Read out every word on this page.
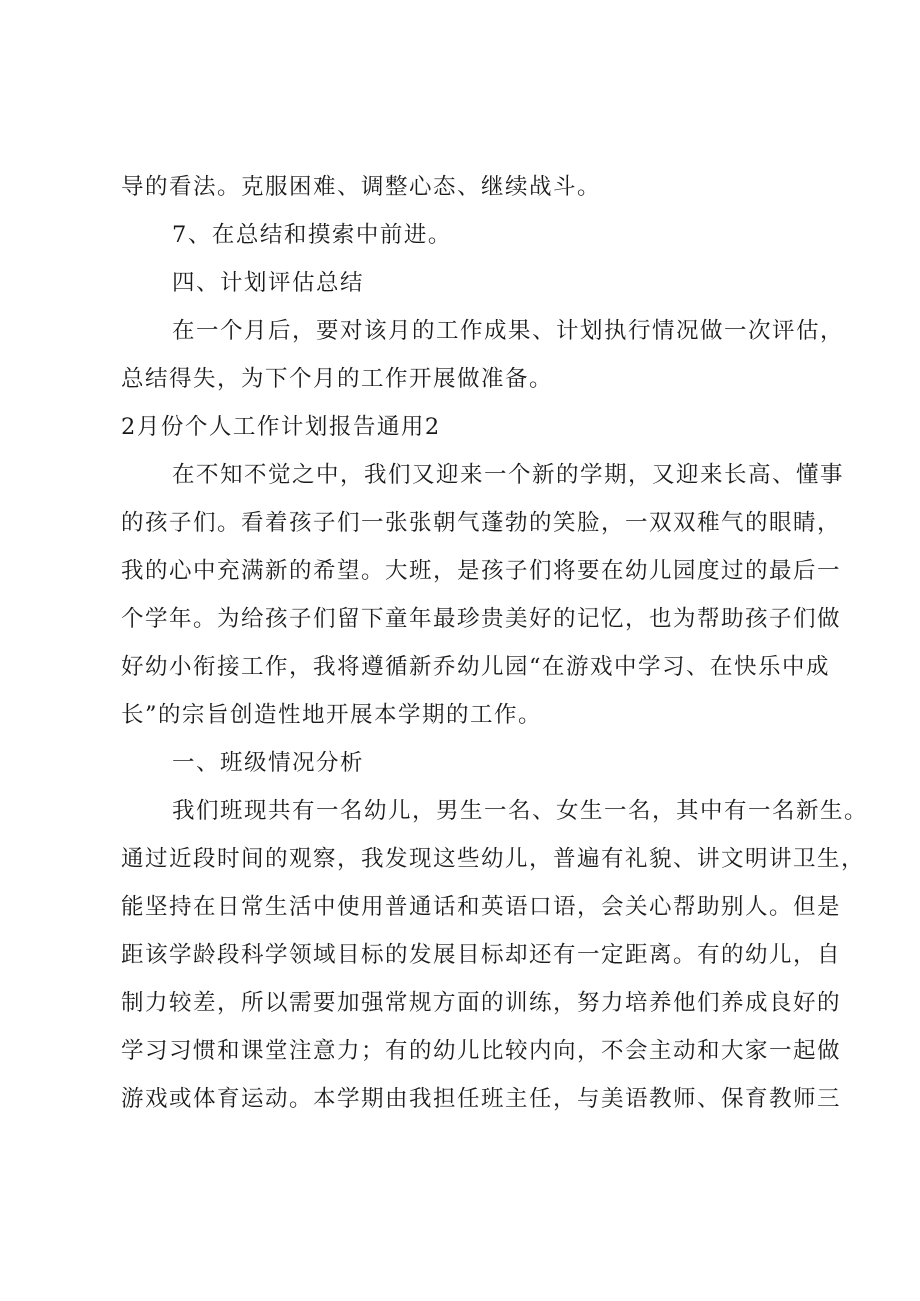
导的看法。克服困难、调整心态、继续战斗。
7、在总结和摸索中前进。
四、计划评估总结
在一个月后，要对该月的工作成果、计划执行情况做一次评估，
总结得失，为下个月的工作开展做准备。
2月份个人工作计划报告通用2
在不知不觉之中，我们又迎来一个新的学期，又迎来长高、懂事
的孩子们。看着孩子们一张张朝气蓬勃的笑脸，一双双稚气的眼睛，
我的心中充满新的希望。大班，是孩子们将要在幼儿园度过的最后一
个学年。为给孩子们留下童年最珍贵美好的记忆，也为帮助孩子们做
好幼小衔接工作，我将遵循新乔幼儿园“在游戏中学习、在快乐中成
长”的宗旨创造性地开展本学期的工作。
一、班级情况分析
我们班现共有一名幼儿，男生一名、女生一名，其中有一名新生。
通过近段时间的观察，我发现这些幼儿，普遍有礼貌、讲文明讲卫生，
能坚持在日常生活中使用普通话和英语口语，会关心帮助别人。但是
距该学龄段科学领域目标的发展目标却还有一定距离。有的幼儿，自
制力较差，所以需要加强常规方面的训练，努力培养他们养成良好的
学习习惯和课堂注意力；有的幼儿比较内向，不会主动和大家一起做
游戏或体育运动。本学期由我担任班主任，与美语教师、保育教师三
